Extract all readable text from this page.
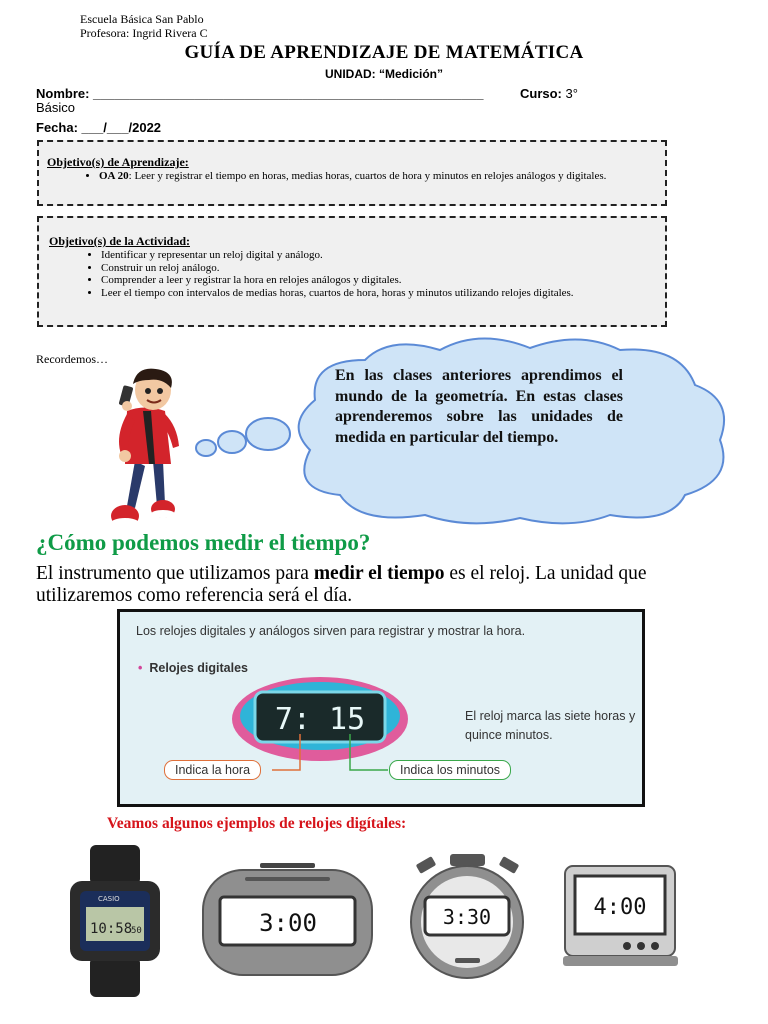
Escuela Básica San Pablo
Profesora: Ingrid Rivera C
GUÍA DE APRENDIZAJE DE MATEMÁTICA
UNIDAD: “Medición”
Nombre: ______________________________________________________	Curso: 3°
Básico
Fecha: ___/___/2022
Objetivo(s) de Aprendizaje:
• OA 20: Leer y registrar el tiempo en horas, medias horas, cuartos de hora y minutos en relojes análogos y digitales.
Objetivo(s) de la Actividad:
• Identificar y representar un reloj digital y análogo.
• Construir un reloj análogo.
• Comprender a leer y registrar la hora en relojes análogos y digitales.
• Leer el tiempo con intervalos de medias horas, cuartos de hora, horas y minutos utilizando relojes digitales.
Recordemos…
En las clases anteriores aprendimos el mundo de la geometría. En estas clases aprenderemos sobre las unidades de medida en particular del tiempo.
¿Cómo podemos medir el tiempo?
El instrumento que utilizamos para medir el tiempo es el reloj. La unidad que utilizaremos como referencia será el día.
Los relojes digitales y análogos sirven para registrar y mostrar la hora.
• Relojes digitales
7: 15	El reloj marca las siete horas y quince minutos.
Indica la hora	Indica los minutos
Veamos algunos ejemplos de relojes digítales:
CASIO
10:58
50	3:00	3:30	4:00
